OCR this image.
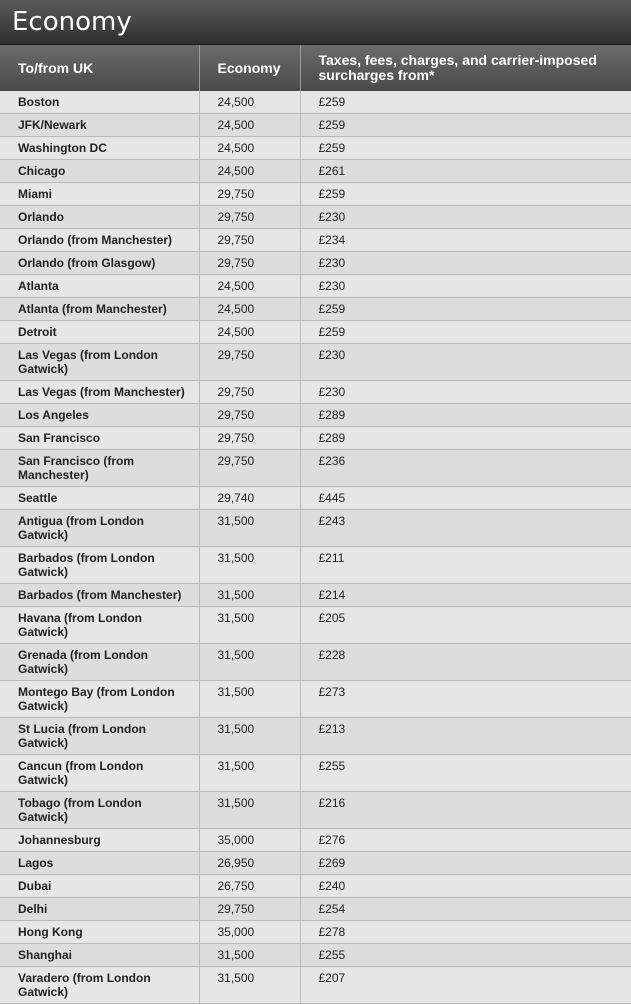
Economy
To/from UK	Economy	Taxes, fees, charges, and carrier-imposed surcharges from*
Boston	24,500	£259
JFK/Newark	24,500	£259
Washington DC	24,500	£259
Chicago	24,500	£261
Miami	29,750	£259
Orlando	29,750	£230
Orlando (from Manchester)	29,750	£234
Orlando (from Glasgow)	29,750	£230
Atlanta	24,500	£230
Atlanta (from Manchester)	24,500	£259
Detroit	24,500	£259
Las Vegas (from London Gatwick)	29,750	£230
Las Vegas (from Manchester)	29,750	£230
Los Angeles	29,750	£289
San Francisco	29,750	£289
San Francisco (from Manchester)	29,750	£236
Seattle	29,740	£445
Antigua (from London Gatwick)	31,500	£243
Barbados (from London Gatwick)	31,500	£211
Barbados (from Manchester)	31,500	£214
Havana (from London Gatwick)	31,500	£205
Grenada (from London Gatwick)	31,500	£228
Montego Bay (from London Gatwick)	31,500	£273
St Lucia (from London Gatwick)	31,500	£213
Cancun (from London Gatwick)	31,500	£255
Tobago (from London Gatwick)	31,500	£216
Johannesburg	35,000	£276
Lagos	26,950	£269
Dubai	26,750	£240
Delhi	29,750	£254
Hong Kong	35,000	£278
Shanghai	31,500	£255
Varadero (from London Gatwick)	31,500	£207
